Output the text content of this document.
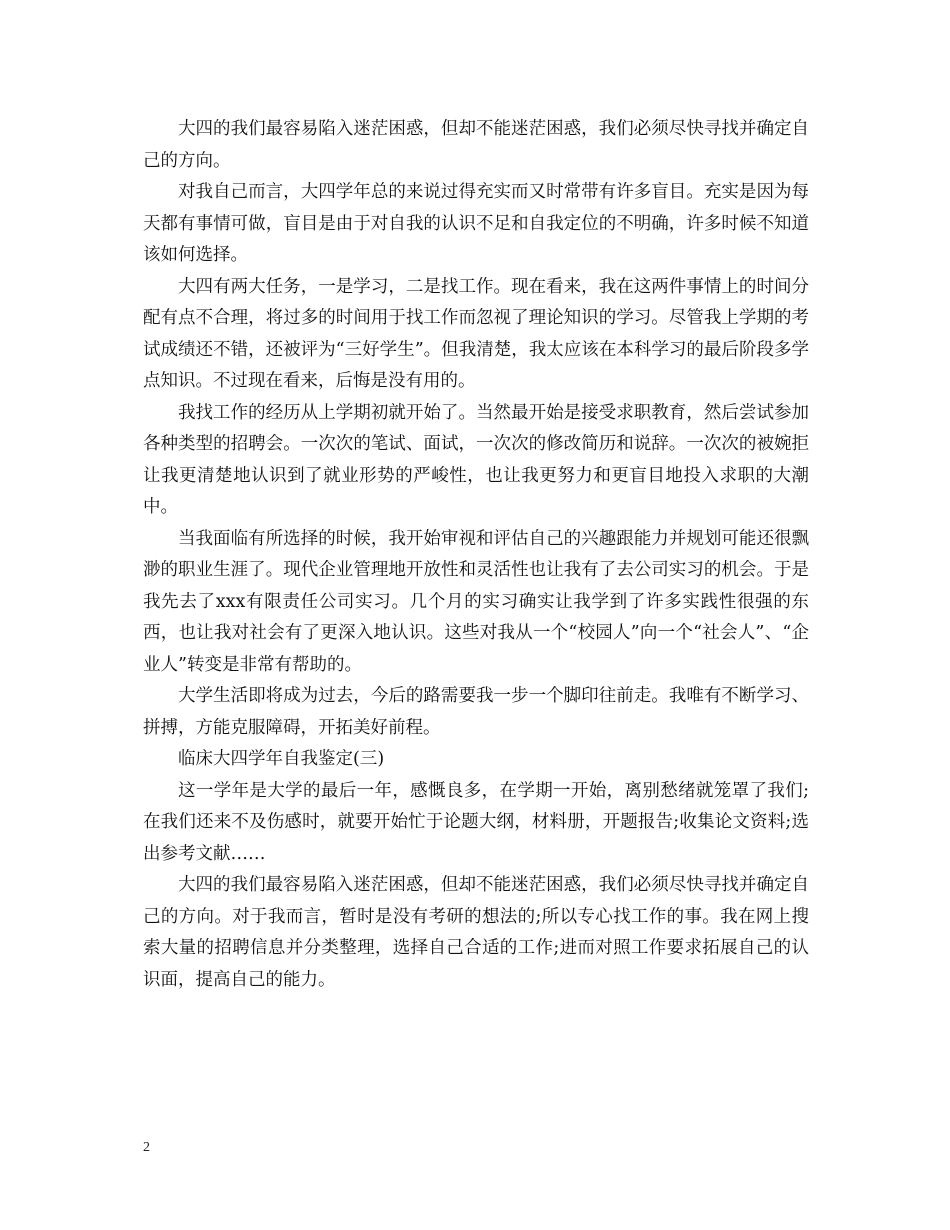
大四的我们最容易陷入迷茫困惑，但却不能迷茫困惑，我们必须尽快寻找并确定自己的方向。

对我自己而言，大四学年总的来说过得充实而又时常带有许多盲目。充实是因为每天都有事情可做，盲目是由于对自我的认识不足和自我定位的不明确，许多时候不知道该如何选择。

大四有两大任务，一是学习，二是找工作。现在看来，我在这两件事情上的时间分配有点不合理，将过多的时间用于找工作而忽视了理论知识的学习。尽管我上学期的考试成绩还不错，还被评为“三好学生”。但我清楚，我太应该在本科学习的最后阶段多学点知识。不过现在看来，后悔是没有用的。

我找工作的经历从上学期初就开始了。当然最开始是接受求职教育，然后尝试参加各种类型的招聘会。一次次的笔试、面试，一次次的修改简历和说辞。一次次的被婉拒让我更清楚地认识到了就业形势的严峻性，也让我更努力和更盲目地投入求职的大潮中。

当我面临有所选择的时候，我开始审视和评估自己的兴趣跟能力并规划可能还很飘渺的职业生涯了。现代企业管理地开放性和灵活性也让我有了去公司实习的机会。于是我先去了xxx有限责任公司实习。几个月的实习确实让我学到了许多实践性很强的东西，也让我对社会有了更深入地认识。这些对我从一个“校园人”向一个“社会人”、“企业人”转变是非常有帮助的。

大学生活即将成为过去，今后的路需要我一步一个脚印往前走。我唯有不断学习、拼搏，方能克服障碍，开拓美好前程。

临床大四学年自我鉴定(三)

这一学年是大学的最后一年，感慨良多，在学期一开始，离别愁绪就笼罩了我们;在我们还来不及伤感时，就要开始忙于论题大纲，材料册，开题报告;收集论文资料;选出参考文献……

大四的我们最容易陷入迷茫困惑，但却不能迷茫困惑，我们必须尽快寻找并确定自己的方向。对于我而言，暂时是没有考研的想法的;所以专心找工作的事。我在网上搜索大量的招聘信息并分类整理，选择自己合适的工作;进而对照工作要求拓展自己的认识面，提高自己的能力。

2
